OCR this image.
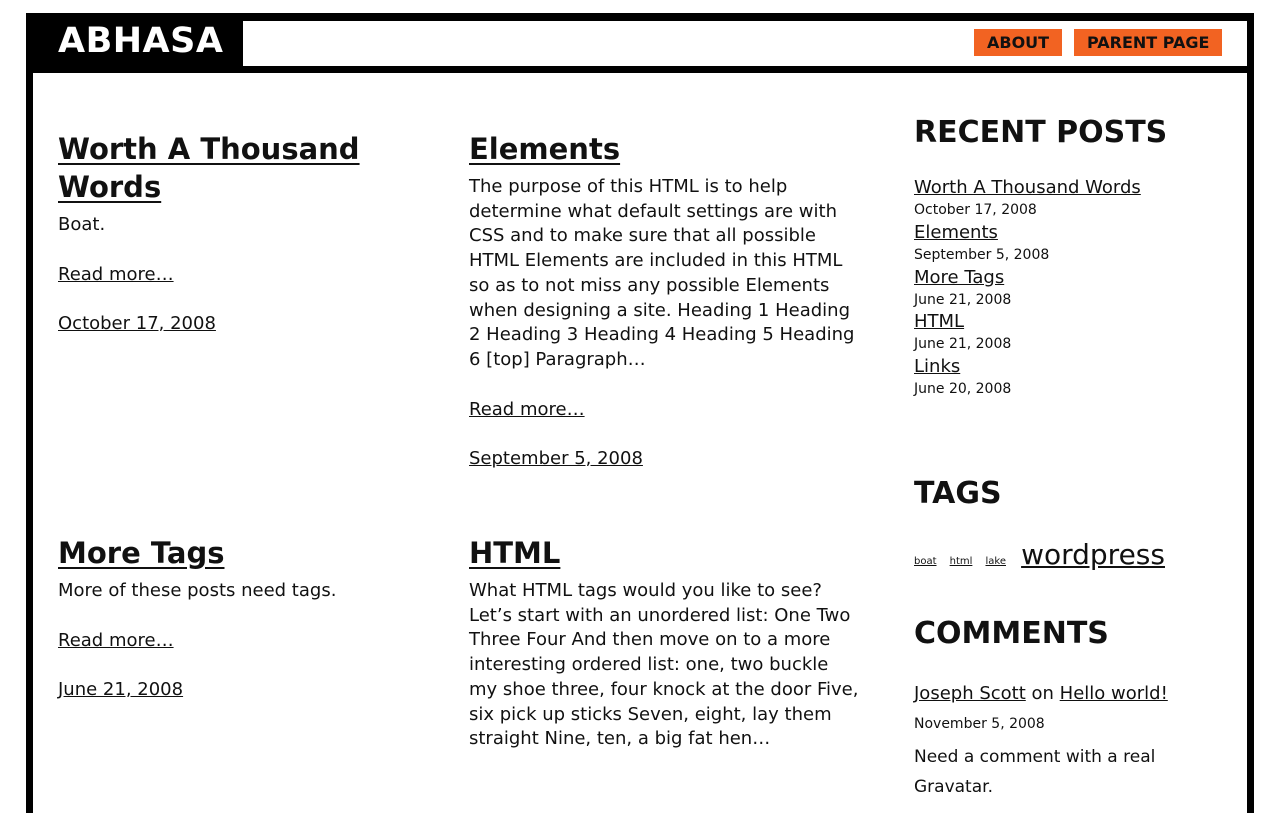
ABHASA	ABOUT	PARENT PAGE
Worth A Thousand Words
Boat.
Read more…
October 17, 2008
Elements
The purpose of this HTML is to help determine what default settings are with CSS and to make sure that all possible HTML Elements are included in this HTML so as to not miss any possible Elements when designing a site. Heading 1 Heading 2 Heading 3 Heading 4 Heading 5 Heading 6 [top] Paragraph…
Read more…
September 5, 2008
More Tags
More of these posts need tags.
Read more…
June 21, 2008
HTML
What HTML tags would you like to see? Let’s start with an unordered list: One Two Three Four And then move on to a more interesting ordered list: one, two buckle my shoe three, four knock at the door Five, six pick up sticks Seven, eight, lay them straight Nine, ten, a big fat hen…
RECENT POSTS
Worth A Thousand Words
October 17, 2008
Elements
September 5, 2008
More Tags
June 21, 2008
HTML
June 21, 2008
Links
June 20, 2008
TAGS
boat html lake wordpress
COMMENTS
Joseph Scott on Hello world!
November 5, 2008
Need a comment with a real Gravatar.
